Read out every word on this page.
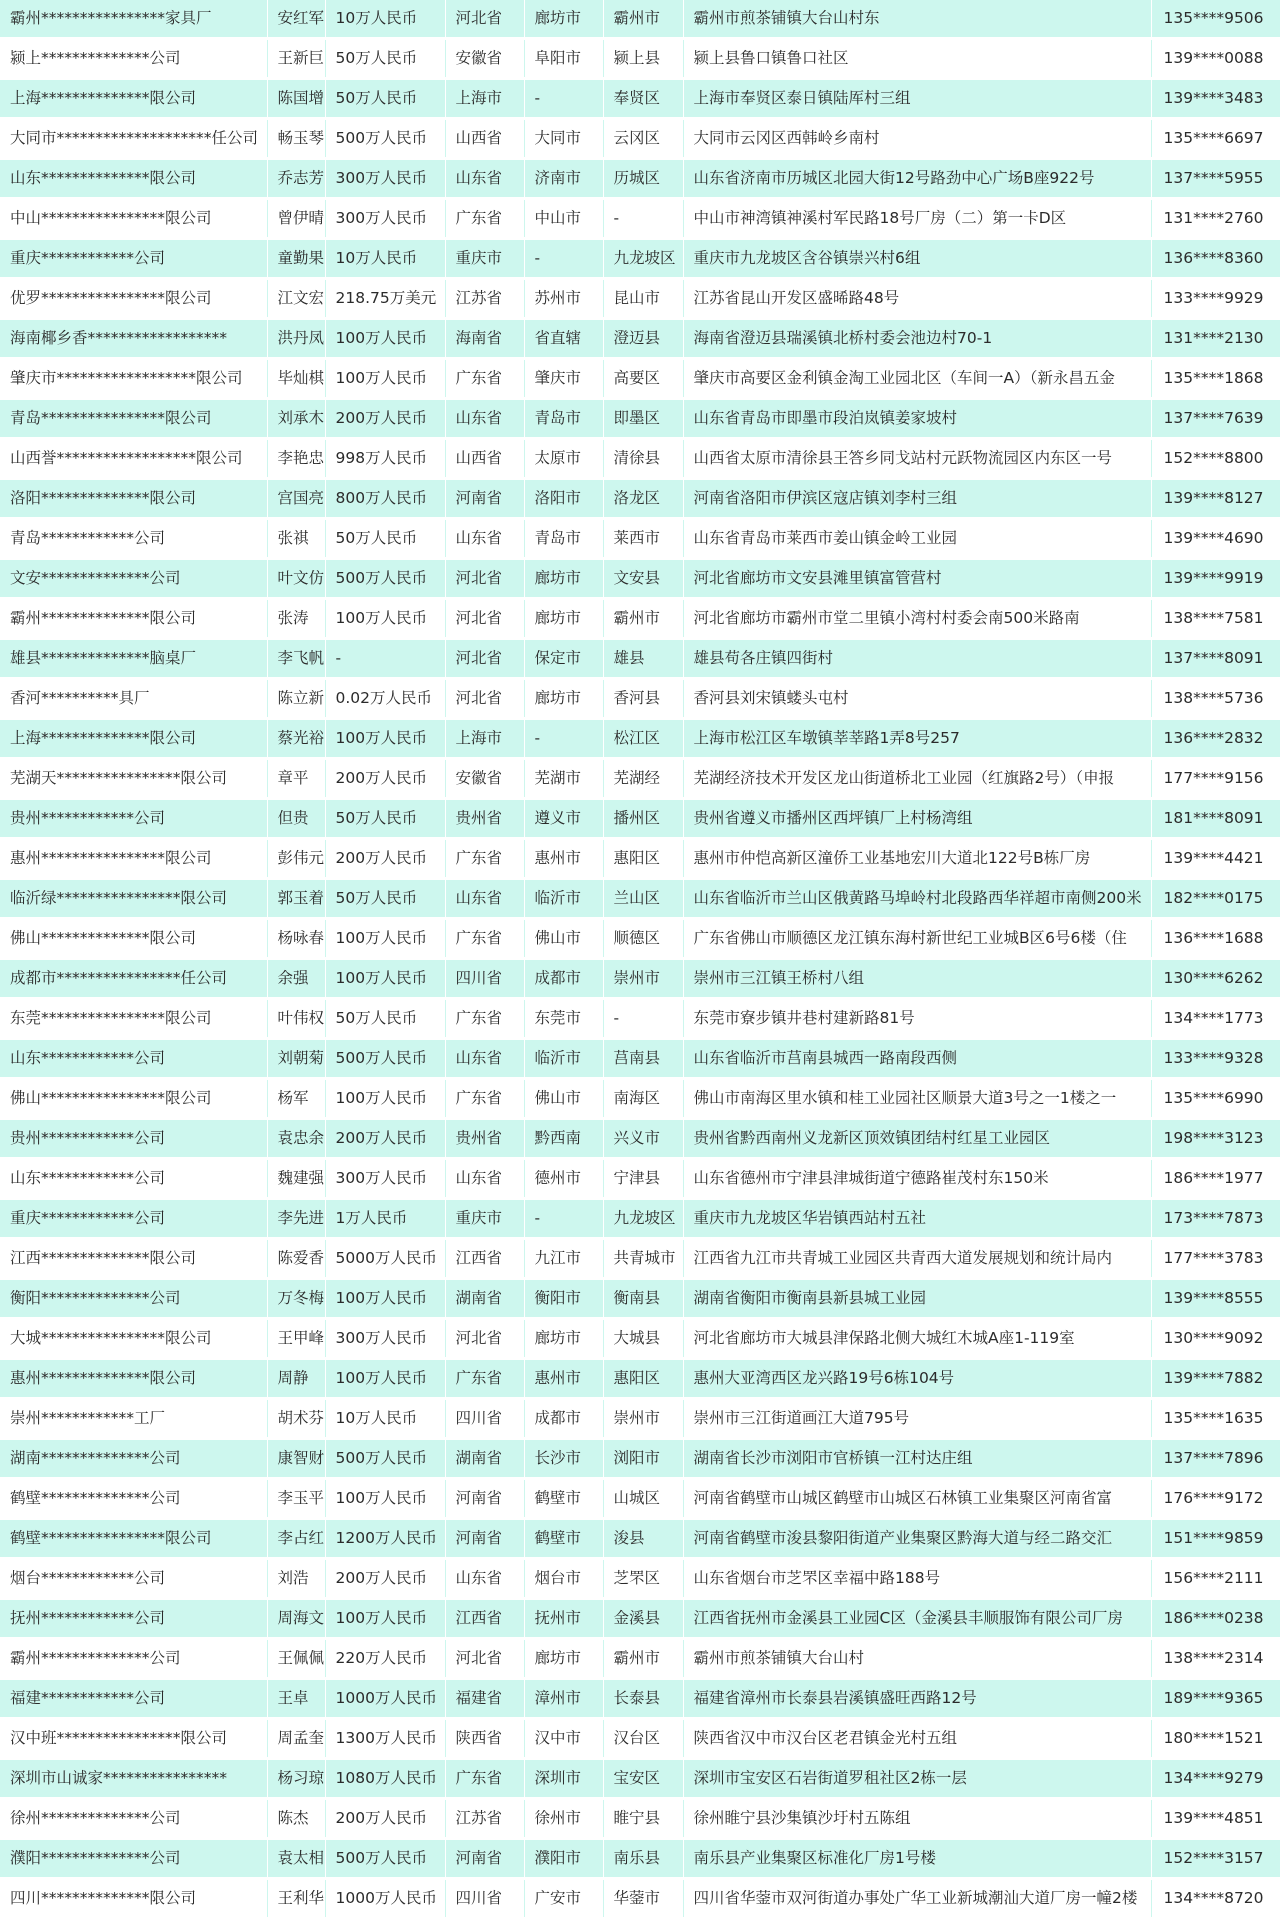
霸州****************家具厂	安红军	10万人民币	河北省	廊坊市	霸州市	霸州市煎茶铺镇大台山村东	135****9506
颍上**************公司	王新巨	50万人民币	安徽省	阜阳市	颍上县	颍上县鲁口镇鲁口社区	139****0088
上海**************限公司	陈国增	50万人民币	上海市	-	奉贤区	上海市奉贤区泰日镇陆厍村三组	139****3483
大同市********************任公司	畅玉琴	500万人民币	山西省	大同市	云冈区	大同市云冈区西韩岭乡南村	135****6697
山东**************限公司	乔志芳	300万人民币	山东省	济南市	历城区	山东省济南市历城区北园大街12号路劲中心广场B座922号	137****5955
中山****************限公司	曾伊晴	300万人民币	广东省	中山市	-	中山市神湾镇神溪村军民路18号厂房（二）第一卡D区	131****2760
重庆************公司	童勤果	10万人民币	重庆市	-	九龙坡区	重庆市九龙坡区含谷镇崇兴村6组	136****8360
优罗****************限公司	江文宏	218.75万美元	江苏省	苏州市	昆山市	江苏省昆山开发区盛晞路48号	133****9929
海南椰乡香******************	洪丹凤	100万人民币	海南省	省直辖	澄迈县	海南省澄迈县瑞溪镇北桥村委会池边村70-1	131****2130
肇庆市******************限公司	毕灿棋	100万人民币	广东省	肇庆市	高要区	肇庆市高要区金利镇金淘工业园北区（车间一A）（新永昌五金	135****1868
青岛****************限公司	刘承木	200万人民币	山东省	青岛市	即墨区	山东省青岛市即墨市段泊岚镇姜家坡村	137****7639
山西誉******************限公司	李艳忠	998万人民币	山西省	太原市	清徐县	山西省太原市清徐县王答乡同戈站村元跃物流园区内东区一号	152****8800
洛阳**************限公司	宫国亮	800万人民币	河南省	洛阳市	洛龙区	河南省洛阳市伊滨区寇店镇刘李村三组	139****8127
青岛************公司	张祺	50万人民币	山东省	青岛市	莱西市	山东省青岛市莱西市姜山镇金岭工业园	139****4690
文安**************公司	叶文仿	500万人民币	河北省	廊坊市	文安县	河北省廊坊市文安县滩里镇富管营村	139****9919
霸州**************限公司	张涛	100万人民币	河北省	廊坊市	霸州市	河北省廊坊市霸州市堂二里镇小湾村村委会南500米路南	138****7581
雄县**************脑桌厂	李飞帆	-	河北省	保定市	雄县	雄县苟各庄镇四街村	137****8091
香河**********具厂	陈立新	0.02万人民币	河北省	廊坊市	香河县	香河县刘宋镇蝼头屯村	138****5736
上海**************限公司	蔡光裕	100万人民币	上海市	-	松江区	上海市松江区车墩镇莘莘路1弄8号257	136****2832
芜湖天****************限公司	章平	200万人民币	安徽省	芜湖市	芜湖经	芜湖经济技术开发区龙山街道桥北工业园（红旗路2号）（申报	177****9156
贵州************公司	但贵	50万人民币	贵州省	遵义市	播州区	贵州省遵义市播州区西坪镇厂上村杨湾组	181****8091
惠州****************限公司	彭伟元	200万人民币	广东省	惠州市	惠阳区	惠州市仲恺高新区潼侨工业基地宏川大道北122号B栋厂房	139****4421
临沂绿****************限公司	郭玉着	50万人民币	山东省	临沂市	兰山区	山东省临沂市兰山区俄黄路马埠岭村北段路西华祥超市南侧200米	182****0175
佛山**************限公司	杨咏春	100万人民币	广东省	佛山市	顺德区	广东省佛山市顺德区龙江镇东海村新世纪工业城B区6号6楼（住	136****1688
成都市****************任公司	余强	100万人民币	四川省	成都市	崇州市	崇州市三江镇王桥村八组	130****6262
东莞****************限公司	叶伟权	50万人民币	广东省	东莞市	-	东莞市寮步镇井巷村建新路81号	134****1773
山东************公司	刘朝菊	500万人民币	山东省	临沂市	莒南县	山东省临沂市莒南县城西一路南段西侧	133****9328
佛山****************限公司	杨军	100万人民币	广东省	佛山市	南海区	佛山市南海区里水镇和桂工业园社区顺景大道3号之一1楼之一	135****6990
贵州************公司	袁忠余	200万人民币	贵州省	黔西南	兴义市	贵州省黔西南州义龙新区顶效镇团结村红星工业园区	198****3123
山东************公司	魏建强	300万人民币	山东省	德州市	宁津县	山东省德州市宁津县津城街道宁德路崔茂村东150米	186****1977
重庆************公司	李先进	1万人民币	重庆市	-	九龙坡区	重庆市九龙坡区华岩镇西站村五社	173****7873
江西**************限公司	陈爱香	5000万人民币	江西省	九江市	共青城市	江西省九江市共青城工业园区共青西大道发展规划和统计局内	177****3783
衡阳**************公司	万冬梅	100万人民币	湖南省	衡阳市	衡南县	湖南省衡阳市衡南县新县城工业园	139****8555
大城****************限公司	王甲峰	300万人民币	河北省	廊坊市	大城县	河北省廊坊市大城县津保路北侧大城红木城A座1-119室	130****9092
惠州**************限公司	周静	100万人民币	广东省	惠州市	惠阳区	惠州大亚湾西区龙兴路19号6栋104号	139****7882
崇州************工厂	胡术芬	10万人民币	四川省	成都市	崇州市	崇州市三江街道画江大道795号	135****1635
湖南**************公司	康智财	500万人民币	湖南省	长沙市	浏阳市	湖南省长沙市浏阳市官桥镇一江村达庄组	137****7896
鹤壁**************公司	李玉平	100万人民币	河南省	鹤壁市	山城区	河南省鹤壁市山城区鹤壁市山城区石林镇工业集聚区河南省富	176****9172
鹤壁****************限公司	李占红	1200万人民币	河南省	鹤壁市	浚县	河南省鹤壁市浚县黎阳街道产业集聚区黔海大道与经二路交汇	151****9859
烟台************公司	刘浩	200万人民币	山东省	烟台市	芝罘区	山东省烟台市芝罘区幸福中路188号	156****2111
抚州************公司	周海文	100万人民币	江西省	抚州市	金溪县	江西省抚州市金溪县工业园C区（金溪县丰顺服饰有限公司厂房	186****0238
霸州**************公司	王佩佩	220万人民币	河北省	廊坊市	霸州市	霸州市煎茶铺镇大台山村	138****2314
福建************公司	王卓	1000万人民币	福建省	漳州市	长泰县	福建省漳州市长泰县岩溪镇盛旺西路12号	189****9365
汉中班****************限公司	周孟奎	1300万人民币	陕西省	汉中市	汉台区	陕西省汉中市汉台区老君镇金光村五组	180****1521
深圳市山诚家****************	杨习琼	1080万人民币	广东省	深圳市	宝安区	深圳市宝安区石岩街道罗租社区2栋一层	134****9279
徐州**************公司	陈杰	200万人民币	江苏省	徐州市	睢宁县	徐州睢宁县沙集镇沙圩村五陈组	139****4851
濮阳**************公司	袁太相	500万人民币	河南省	濮阳市	南乐县	南乐县产业集聚区标准化厂房1号楼	152****3157
四川**************限公司	王利华	1000万人民币	四川省	广安市	华蓥市	四川省华蓥市双河街道办事处广华工业新城潮汕大道厂房一幢2楼	134****8720
